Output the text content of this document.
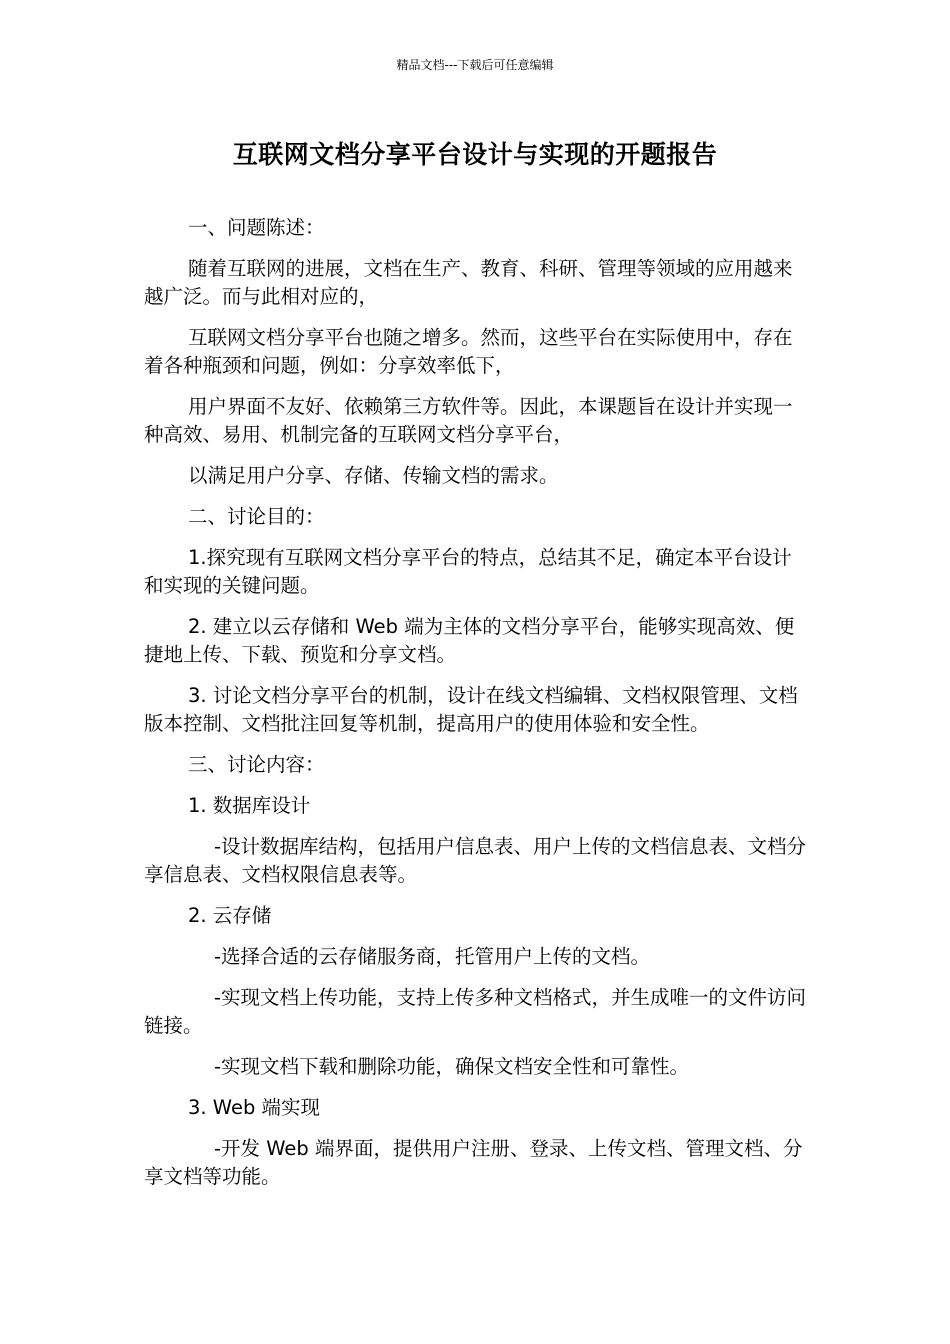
精品文档---下载后可任意编辑
互联网文档分享平台设计与实现的开题报告

一、问题陈述：

随着互联网的进展，文档在生产、教育、科研、管理等领域的应用越来越广泛。而与此相对应的，

互联网文档分享平台也随之增多。然而，这些平台在实际使用中，存在着各种瓶颈和问题，例如：分享效率低下，

用户界面不友好、依赖第三方软件等。因此，本课题旨在设计并实现一种高效、易用、机制完备的互联网文档分享平台，

以满足用户分享、存储、传输文档的需求。

二、讨论目的：

1.探究现有互联网文档分享平台的特点，总结其不足，确定本平台设计和实现的关键问题。

2. 建立以云存储和 Web 端为主体的文档分享平台，能够实现高效、便捷地上传、下载、预览和分享文档。

3. 讨论文档分享平台的机制，设计在线文档编辑、文档权限管理、文档版本控制、文档批注回复等机制，提高用户的使用体验和安全性。

三、讨论内容：

1. 数据库设计

-设计数据库结构，包括用户信息表、用户上传的文档信息表、文档分享信息表、文档权限信息表等。

2. 云存储

-选择合适的云存储服务商，托管用户上传的文档。

-实现文档上传功能，支持上传多种文档格式，并生成唯一的文件访问链接。

-实现文档下载和删除功能，确保文档安全性和可靠性。

3. Web 端实现

-开发 Web 端界面，提供用户注册、登录、上传文档、管理文档、分享文档等功能。
